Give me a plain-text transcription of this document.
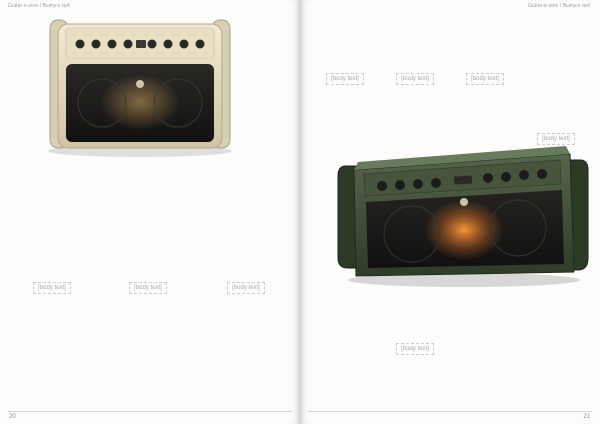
Guitar-e-zine / Выпуск №4
[body text]	[body text]	[body text]
20
Guitar-e-zine / Выпуск №4
[body text]	[body text]	[body text]
[body text]
[body text]
21
